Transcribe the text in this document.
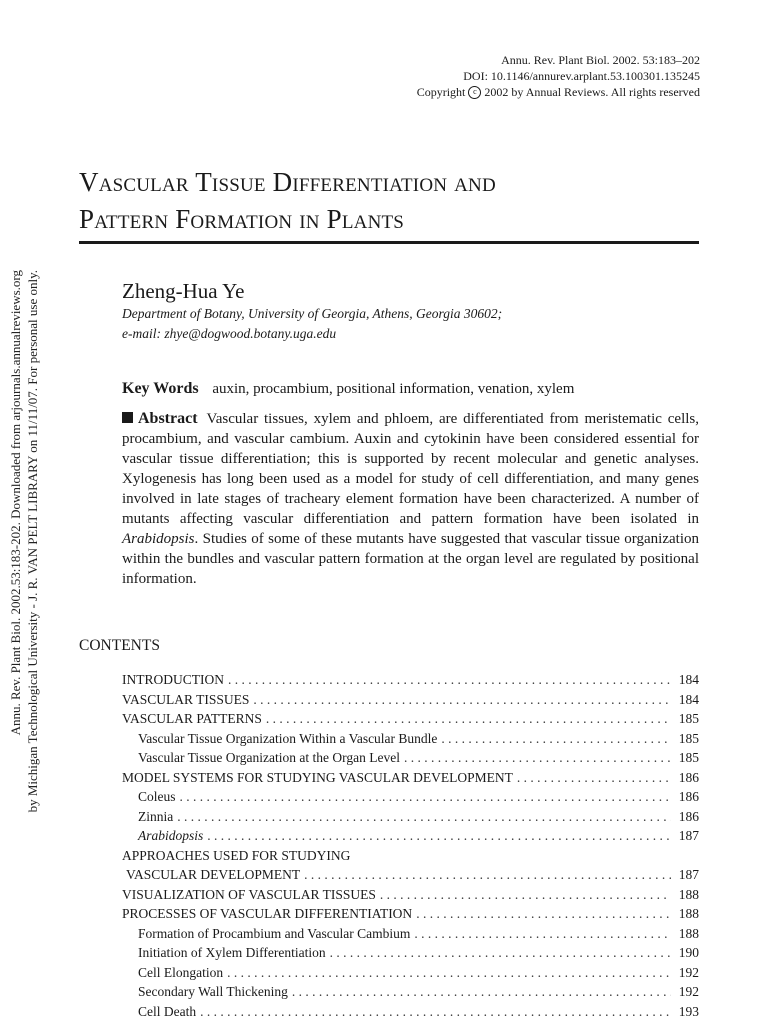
Annu. Rev. Plant Biol. 2002.53:183-202. Downloaded from arjournals.annualreviews.org by Michigan Technological University - J. R. VAN PELT LIBRARY on 11/11/07. For personal use only.
Annu. Rev. Plant Biol. 2002. 53:183–202
DOI: 10.1146/annurev.arplant.53.100301.135245
Copyright c 2002 by Annual Reviews. All rights reserved
Vascular Tissue Differentiation and
Pattern Formation in Plants
Zheng-Hua Ye
Department of Botany, University of Georgia, Athens, Georgia 30602;
e-mail: zhye@dogwood.botany.uga.edu
Key Words auxin, procambium, positional information, venation, xylem

Abstract Vascular tissues, xylem and phloem, are differentiated from meristematic cells, procambium, and vascular cambium. Auxin and cytokinin have been considered essential for vascular tissue differentiation; this is supported by recent molecular and genetic analyses. Xylogenesis has long been used as a model for study of cell differentiation, and many genes involved in late stages of tracheary element formation have been characterized. A number of mutants affecting vascular differentiation and pattern formation have been isolated in Arabidopsis. Studies of some of these mutants have suggested that vascular tissue organization within the bundles and vascular pattern formation at the organ level are regulated by positional information.

CONTENTS
INTRODUCTION . . .	184
VASCULAR TISSUES . . .	184
VASCULAR PATTERNS . . .	185
Vascular Tissue Organization Within a Vascular Bundle . . .	185
Vascular Tissue Organization at the Organ Level . . .	185
MODEL SYSTEMS FOR STUDYING VASCULAR DEVELOPMENT . . .	186
Coleus . . .	186
Zinnia . . .	186
Arabidopsis . . .	187
APPROACHES USED FOR STUDYING
VASCULAR DEVELOPMENT . . .	187
VISUALIZATION OF VASCULAR TISSUES . . .	188
PROCESSES OF VASCULAR DIFFERENTIATION . . .	188
Formation of Procambium and Vascular Cambium . . .	188
Initiation of Xylem Differentiation . . .	190
Cell Elongation . . .	192
Secondary Wall Thickening . . .	192
Cell Death . . .	193
